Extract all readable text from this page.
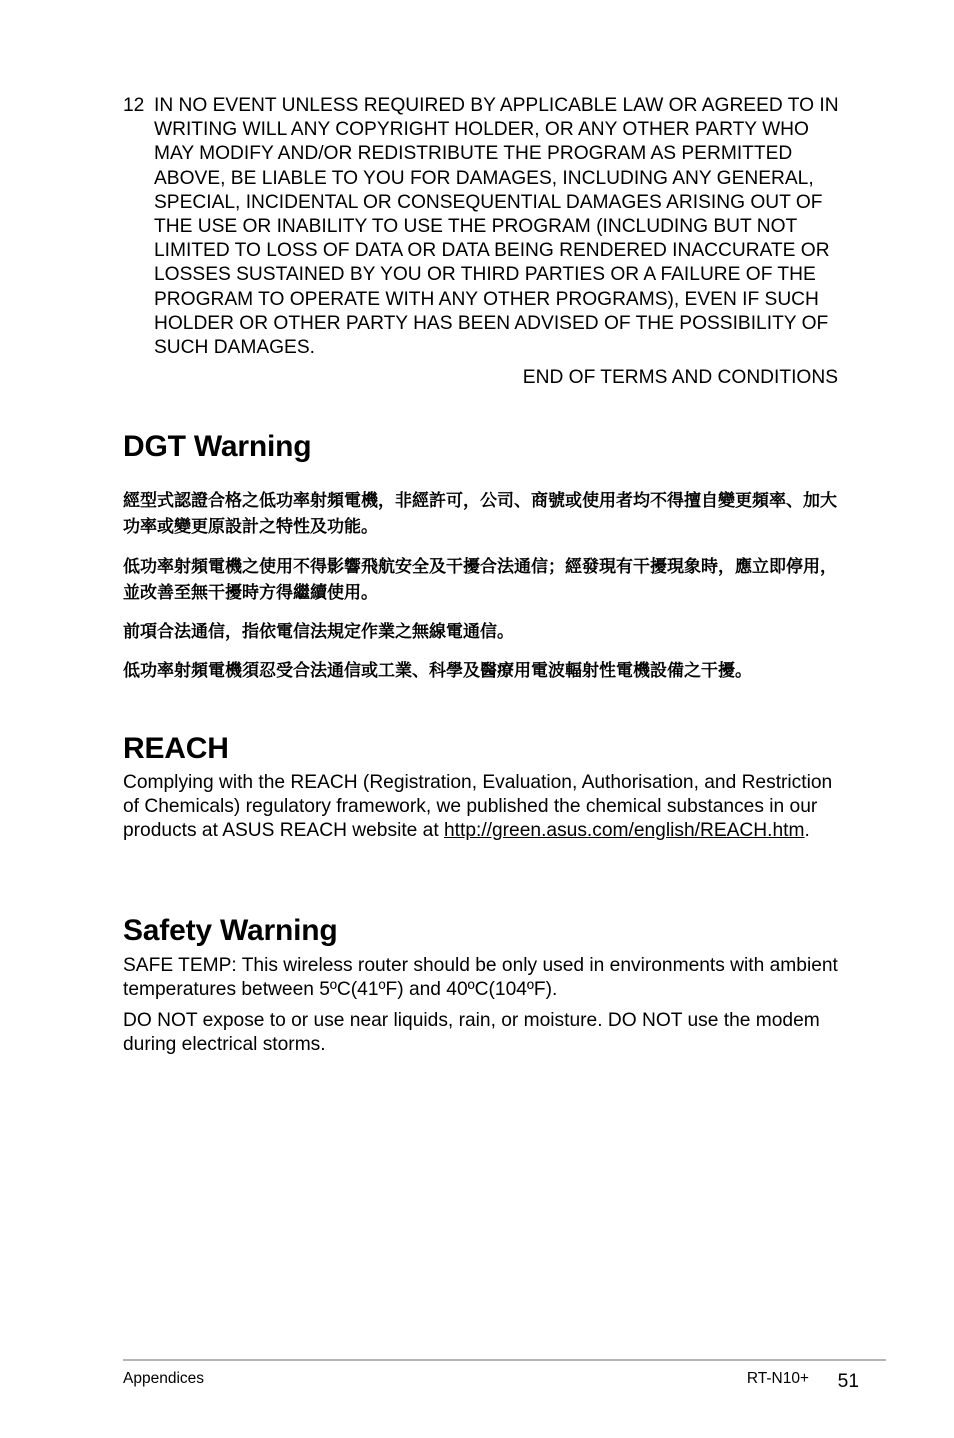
12 IN NO EVENT UNLESS REQUIRED BY APPLICABLE LAW OR AGREED TO IN WRITING WILL ANY COPYRIGHT HOLDER, OR ANY OTHER PARTY WHO MAY MODIFY AND/OR REDISTRIBUTE THE PROGRAM AS PERMITTED ABOVE, BE LIABLE TO YOU FOR DAMAGES, INCLUDING ANY GENERAL, SPECIAL, INCIDENTAL OR CONSEQUENTIAL DAMAGES ARISING OUT OF THE USE OR INABILITY TO USE THE PROGRAM (INCLUDING BUT NOT LIMITED TO LOSS OF DATA OR DATA BEING RENDERED INACCURATE OR LOSSES SUSTAINED BY YOU OR THIRD PARTIES OR A FAILURE OF THE PROGRAM TO OPERATE WITH ANY OTHER PROGRAMS), EVEN IF SUCH HOLDER OR OTHER PARTY HAS BEEN ADVISED OF THE POSSIBILITY OF SUCH DAMAGES.
END OF TERMS AND CONDITIONS
DGT Warning

經型式認證合格之低功率射頻電機，非經許可，公司、商號或使用者均不得擅自變更頻率、加大功率或變更原設計之特性及功能。

低功率射頻電機之使用不得影響飛航安全及干擾合法通信；經發現有干擾現象時，應立即停用，並改善至無干擾時方得繼續使用。

前項合法通信，指依電信法規定作業之無線電通信。

低功率射頻電機須忍受合法通信或工業、科學及醫療用電波輻射性電機設備之干擾。

REACH

Complying with the REACH (Registration, Evaluation, Authorisation, and Restriction of Chemicals) regulatory framework, we published the chemical substances in our products at ASUS REACH website at http://green.asus.com/english/REACH.htm.

Safety Warning

SAFE TEMP: This wireless router should be only used in environments with ambient temperatures between 5ºC(41ºF) and 40ºC(104ºF).

DO NOT expose to or use near liquids, rain, or moisture. DO NOT use the modem during electrical storms.

Appendices	RT-N10+ 51
